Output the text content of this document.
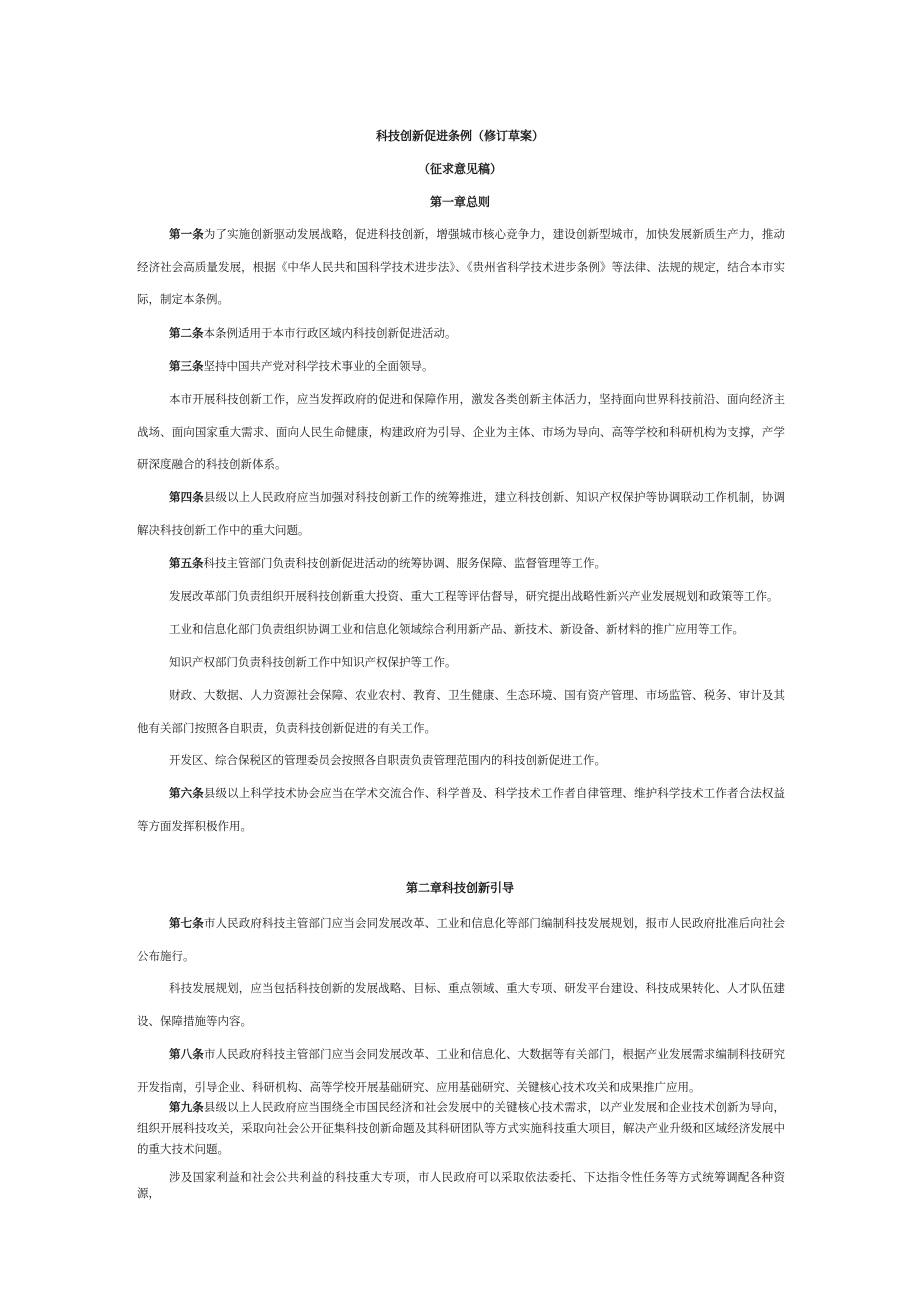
科技创新促进条例（修订草案）
（征求意见稿）
第一章总则

第一条为了实施创新驱动发展战略，促进科技创新，增强城市核心竞争力，建设创新型城市，加快发展新质生产力，推动经济社会高质量发展，根据《中华人民共和国科学技术进步法》、《贵州省科学技术进步条例》等法律、法规的规定，结合本市实际，制定本条例。

第二条本条例适用于本市行政区域内科技创新促进活动。

第三条坚持中国共产党对科学技术事业的全面领导。

本市开展科技创新工作，应当发挥政府的促进和保障作用，激发各类创新主体活力，坚持面向世界科技前沿、面向经济主战场、面向国家重大需求、面向人民生命健康，构建政府为引导、企业为主体、市场为导向、高等学校和科研机构为支撑，产学研深度融合的科技创新体系。

第四条县级以上人民政府应当加强对科技创新工作的统筹推进，建立科技创新、知识产权保护等协调联动工作机制，协调解决科技创新工作中的重大问题。

第五条科技主管部门负责科技创新促进活动的统筹协调、服务保障、监督管理等工作。

发展改革部门负责组织开展科技创新重大投资、重大工程等评估督导，研究提出战略性新兴产业发展规划和政策等工作。

工业和信息化部门负责组织协调工业和信息化领域综合利用新产品、新技术、新设备、新材料的推广应用等工作。

知识产权部门负责科技创新工作中知识产权保护等工作。

财政、大数据、人力资源社会保障、农业农村、教育、卫生健康、生态环境、国有资产管理、市场监管、税务、审计及其他有关部门按照各自职责，负责科技创新促进的有关工作。

开发区、综合保税区的管理委员会按照各自职责负责管理范围内的科技创新促进工作。

第六条县级以上科学技术协会应当在学术交流合作、科学普及、科学技术工作者自律管理、维护科学技术工作者合法权益等方面发挥积极作用。

第二章科技创新引导

第七条市人民政府科技主管部门应当会同发展改革、工业和信息化等部门编制科技发展规划，报市人民政府批准后向社会公布施行。

科技发展规划，应当包括科技创新的发展战略、目标、重点领域、重大专项、研发平台建设、科技成果转化、人才队伍建设、保障措施等内容。

第八条市人民政府科技主管部门应当会同发展改革、工业和信息化、大数据等有关部门，根据产业发展需求编制科技研究开发指南，引导企业、科研机构、高等学校开展基础研究、应用基础研究、关键核心技术攻关和成果推广应用。

第九条县级以上人民政府应当围绕全市国民经济和社会发展中的关键核心技术需求，以产业发展和企业技术创新为导向，组织开展科技攻关，采取向社会公开征集科技创新命题及其科研团队等方式实施科技重大项目，解决产业升级和区域经济发展中的重大技术问题。

涉及国家利益和社会公共利益的科技重大专项，市人民政府可以采取依法委托、下达指令性任务等方式统筹调配各种资源，
